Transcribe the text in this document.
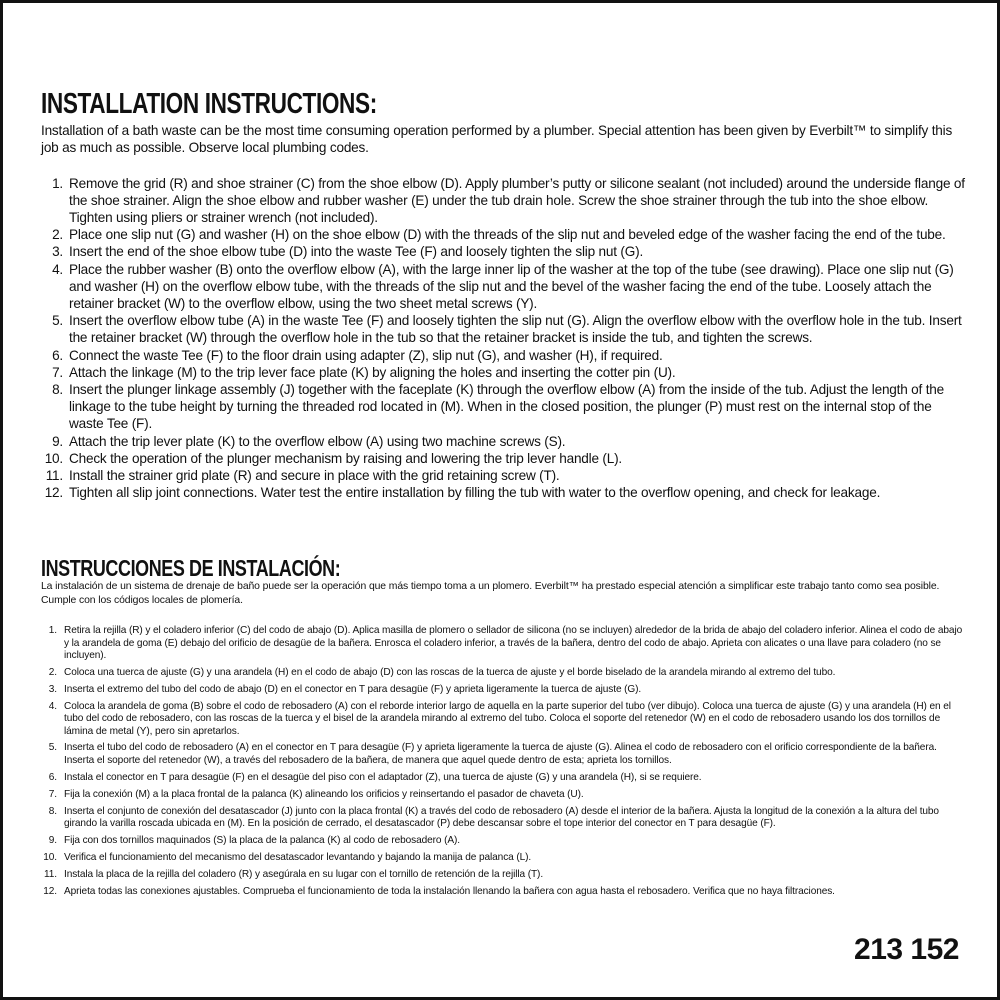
INSTALLATION INSTRUCTIONS:

Installation of a bath waste can be the most time consuming operation performed by a plumber. Special attention has been given by Everbilt™ to simplify this job as much as possible. Observe local plumbing codes.

1. Remove the grid (R) and shoe strainer (C) from the shoe elbow (D). Apply plumber’s putty or silicone sealant (not included) around the underside flange of the shoe strainer. Align the shoe elbow and rubber washer (E) under the tub drain hole. Screw the shoe strainer through the tub into the shoe elbow. Tighten using pliers or strainer wrench (not included).
2. Place one slip nut (G) and washer (H) on the shoe elbow (D) with the threads of the slip nut and beveled edge of the washer facing the end of the tube.
3. Insert the end of the shoe elbow tube (D) into the waste Tee (F) and loosely tighten the slip nut (G).
4. Place the rubber washer (B) onto the overflow elbow (A), with the large inner lip of the washer at the top of the tube (see drawing). Place one slip nut (G) and washer (H) on the overflow elbow tube, with the threads of the slip nut and the bevel of the washer facing the end of the tube. Loosely attach the retainer bracket (W) to the overflow elbow, using the two sheet metal screws (Y).
5. Insert the overflow elbow tube (A) in the waste Tee (F) and loosely tighten the slip nut (G). Align the overflow elbow with the overflow hole in the tub. Insert the retainer bracket (W) through the overflow hole in the tub so that the retainer bracket is inside the tub, and tighten the screws.
6. Connect the waste Tee (F) to the floor drain using adapter (Z), slip nut (G), and washer (H), if required.
7. Attach the linkage (M) to the trip lever face plate (K) by aligning the holes and inserting the cotter pin (U).
8. Insert the plunger linkage assembly (J) together with the faceplate (K) through the overflow elbow (A) from the inside of the tub. Adjust the length of the linkage to the tube height by turning the threaded rod located in (M). When in the closed position, the plunger (P) must rest on the internal stop of the waste Tee (F).
9. Attach the trip lever plate (K) to the overflow elbow (A) using two machine screws (S).
10. Check the operation of the plunger mechanism by raising and lowering the trip lever handle (L).
11. Install the strainer grid plate (R) and secure in place with the grid retaining screw (T).
12. Tighten all slip joint connections. Water test the entire installation by filling the tub with water to the overflow opening, and check for leakage.
INSTRUCCIONES DE INSTALACIÓN:

La instalación de un sistema de drenaje de baño puede ser la operación que más tiempo toma a un plomero. Everbilt™ ha prestado especial atención a simplificar este trabajo tanto como sea posible. Cumple con los códigos locales de plomería.

1. Retira la rejilla (R) y el coladero inferior (C) del codo de abajo (D). Aplica masilla de plomero o sellador de silicona (no se incluyen) alrededor de la brida de abajo del coladero inferior. Alinea el codo de abajo y la arandela de goma (E) debajo del orificio de desagüe de la bañera. Enrosca el coladero inferior, a través de la bañera, dentro del codo de abajo. Aprieta con alicates o una llave para coladero (no se incluyen).
2. Coloca una tuerca de ajuste (G) y una arandela (H) en el codo de abajo (D) con las roscas de la tuerca de ajuste y el borde biselado de la arandela mirando al extremo del tubo.
3. Inserta el extremo del tubo del codo de abajo (D) en el conector en T para desagüe (F) y aprieta ligeramente la tuerca de ajuste (G).
4. Coloca la arandela de goma (B) sobre el codo de rebosadero (A) con el reborde interior largo de aquella en la parte superior del tubo (ver dibujo). Coloca una tuerca de ajuste (G) y una arandela (H) en el tubo del codo de rebosadero, con las roscas de la tuerca y el bisel de la arandela mirando al extremo del tubo. Coloca el soporte del retenedor (W) en el codo de rebosadero usando los dos tornillos de lámina de metal (Y), pero sin apretarlos.
5. Inserta el tubo del codo de rebosadero (A) en el conector en T para desagüe (F) y aprieta ligeramente la tuerca de ajuste (G). Alinea el codo de rebosadero con el orificio correspondiente de la bañera. Inserta el soporte del retenedor (W), a través del rebosadero de la bañera, de manera que aquel quede dentro de esta; aprieta los tornillos.
6. Instala el conector en T para desagüe (F) en el desagüe del piso con el adaptador (Z), una tuerca de ajuste (G) y una arandela (H), si se requiere.
7. Fija la conexión (M) a la placa frontal de la palanca (K) alineando los orificios y reinsertando el pasador de chaveta (U).
8. Inserta el conjunto de conexión del desatascador (J) junto con la placa frontal (K) a través del codo de rebosadero (A) desde el interior de la bañera. Ajusta la longitud de la conexión a la altura del tubo girando la varilla roscada ubicada en (M). En la posición de cerrado, el desatascador (P) debe descansar sobre el tope interior del conector en T para desagüe (F).
9. Fija con dos tornillos maquinados (S) la placa de la palanca (K) al codo de rebosadero (A).
10. Verifica el funcionamiento del mecanismo del desatascador levantando y bajando la manija de palanca (L).
11. Instala la placa de la rejilla del coladero (R) y asegúrala en su lugar con el tornillo de retención de la rejilla (T).
12. Aprieta todas las conexiones ajustables. Comprueba el funcionamiento de toda la instalación llenando la bañera con agua hasta el rebosadero. Verifica que no haya filtraciones.
213 152
